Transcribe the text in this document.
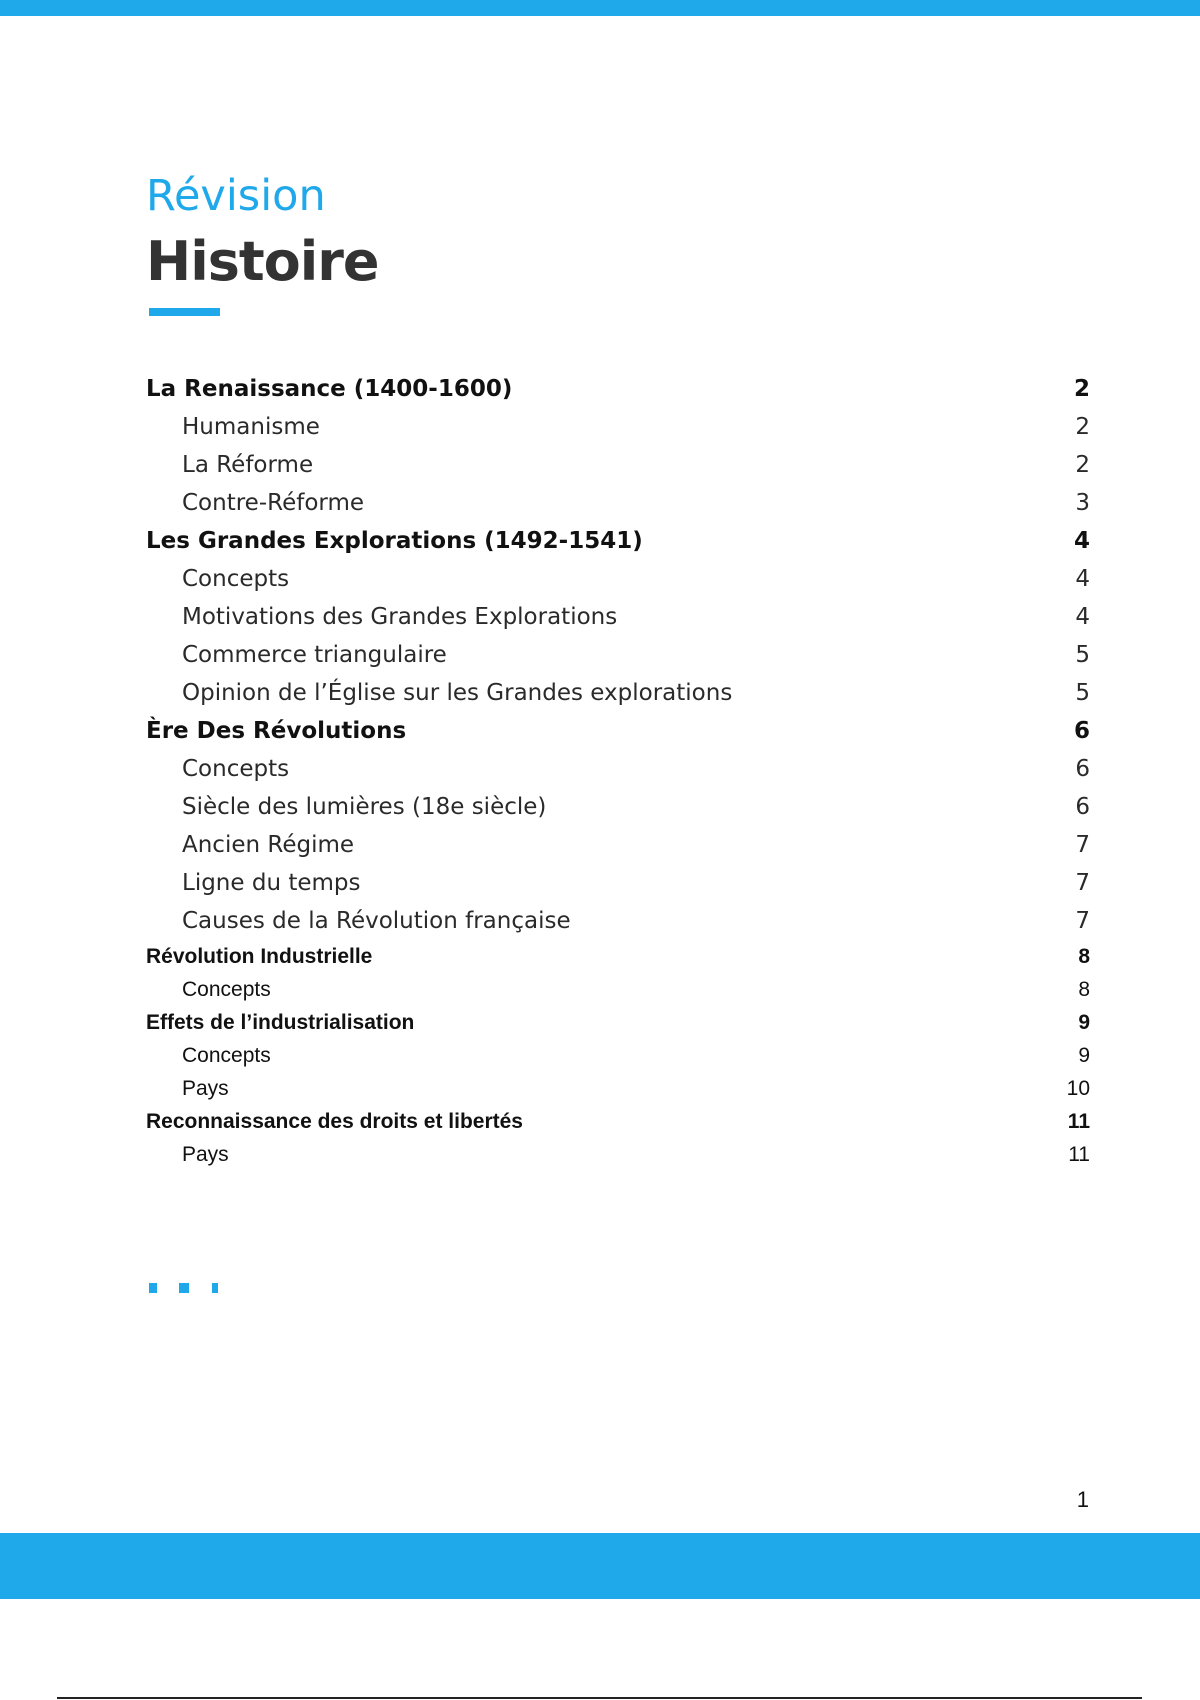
Révision
Histoire
La Renaissance (1400-1600)	2
Humanisme	2
La Réforme	2
Contre-Réforme	3
Les Grandes Explorations (1492-1541)	4
Concepts	4
Motivations des Grandes Explorations	4
Commerce triangulaire	5
Opinion de l’Église sur les Grandes explorations	5
Ère Des Révolutions	6
Concepts	6
Siècle des lumières (18e siècle)	6
Ancien Régime	7
Ligne du temps	7
Causes de la Révolution française	7
Révolution Industrielle	8
Concepts	8
Effets de l’industrialisation	9
Concepts	9
Pays	10
Reconnaissance des droits et libertés	11
Pays	11
1
